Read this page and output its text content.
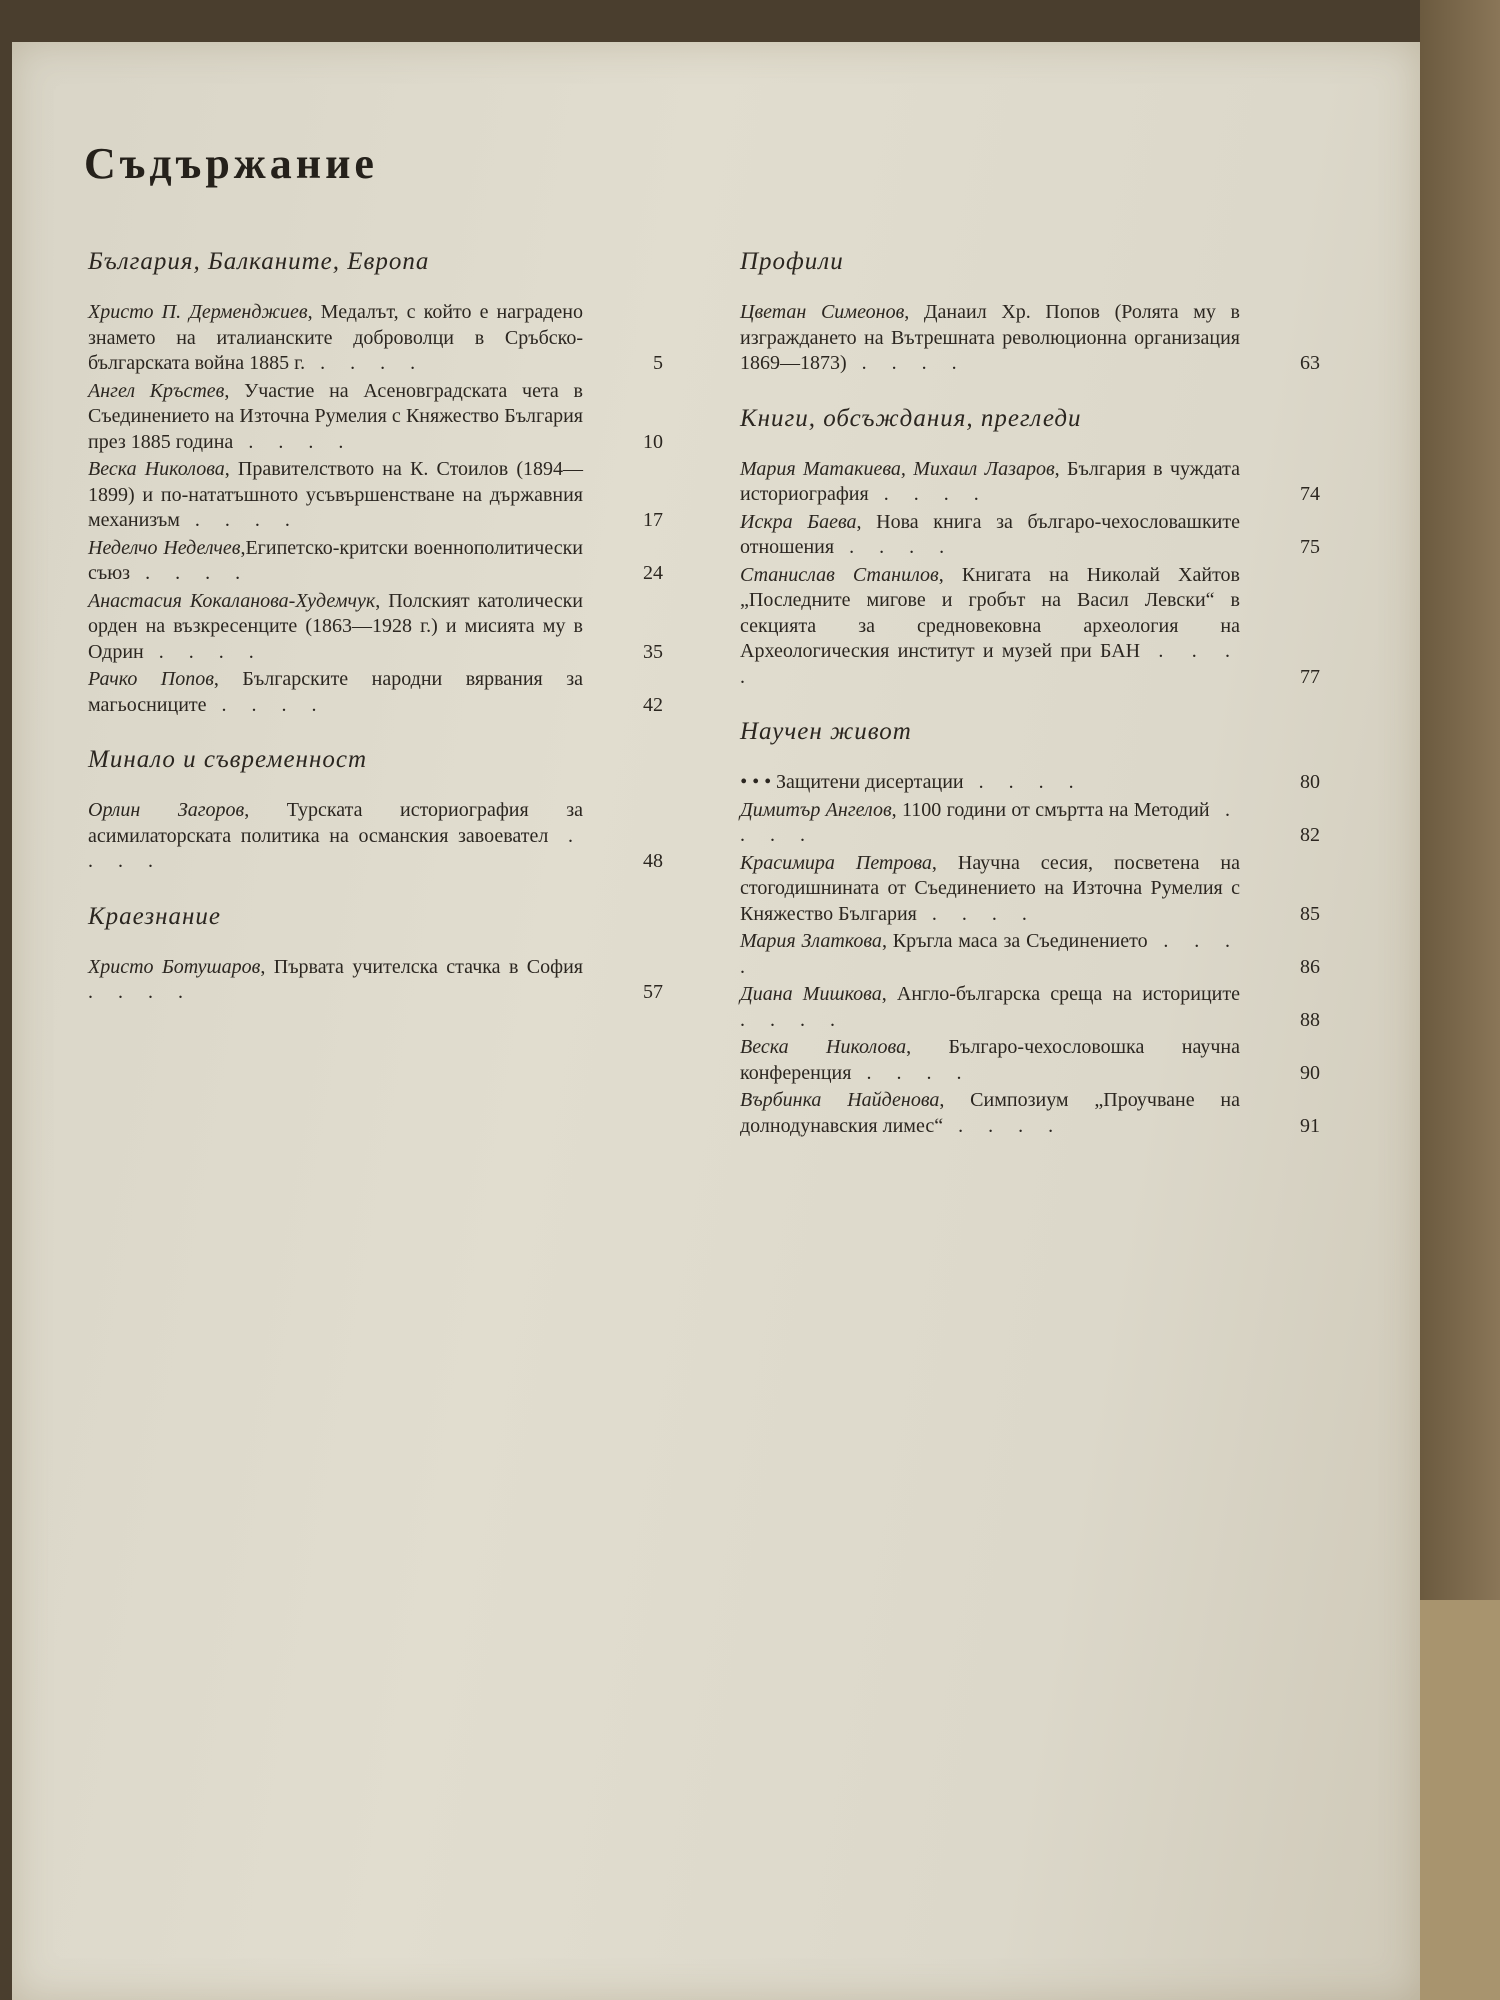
Съдържание
България, Балканите, Европа
Христо П. Дерменджиев, Медалът, с който е наградено знамето на италианските доброволци в Сръбско-българската война 1885 г. . . . .	5
Ангел Кръстев, Участие на Асеновградската чета в Съединението на Източна Румелия с Княжество България през 1885 година . . . .	10
Веска Николова, Правителството на К. Стоилов (1894—1899) и по-нататъшното усъвършенстване на държавния механизъм . . . .	17
Неделчо Неделчев,Египетско-критски военнополитически съюз . . . .	24
Анастасия Кокаланова-Худемчук, Полският католически орден на възкресенците (1863—1928 г.) и мисията му в Одрин . . . .	35
Рачко Попов, Българските народни вярвания за магьосниците . . . .	42
Минало и съвременност
Орлин Загоров, Турската историография за асимилаторската политика на османския завоевател . . . .	48
Краезнание
Христо Ботушаров, Първата учителска стачка в София . . . .	57
Профили
Цветан Симеонов, Данаил Хр. Попов (Ролята му в изграждането на Вътрешната революционна организация 1869—1873) . . . .	63
Книги, обсъждания, прегледи
Мария Матакиева, Михаил Лазаров, България в чуждата историография . . . .	74
Искра Баева, Нова книга за българо-чехословашките отношения . . . .	75
Станислав Станилов, Книгата на Николай Хайтов „Последните мигове и гробът на Васил Левски“ в секцията за средновековна археология на Археологическия институт и музей при БАН . . . .	77
Научен живот
• • • Защитени дисертации . . . .	80
Димитър Ангелов, 1100 години от смъртта на Методий . . . .	82
Красимира Петрова, Научна сесия, посветена на стогодишнината от Съединението на Източна Румелия с Княжество България . . . .	85
Мария Златкова, Кръгла маса за Съединението . . . .	86
Диана Мишкова, Англо-българска среща на историците . . . .	88
Веска Николова, Българо-чехословошка научна конференция . . . .	90
Върбинка Найденова, Симпозиум „Проучване на долнодунавския лимес“ . . . .	91
